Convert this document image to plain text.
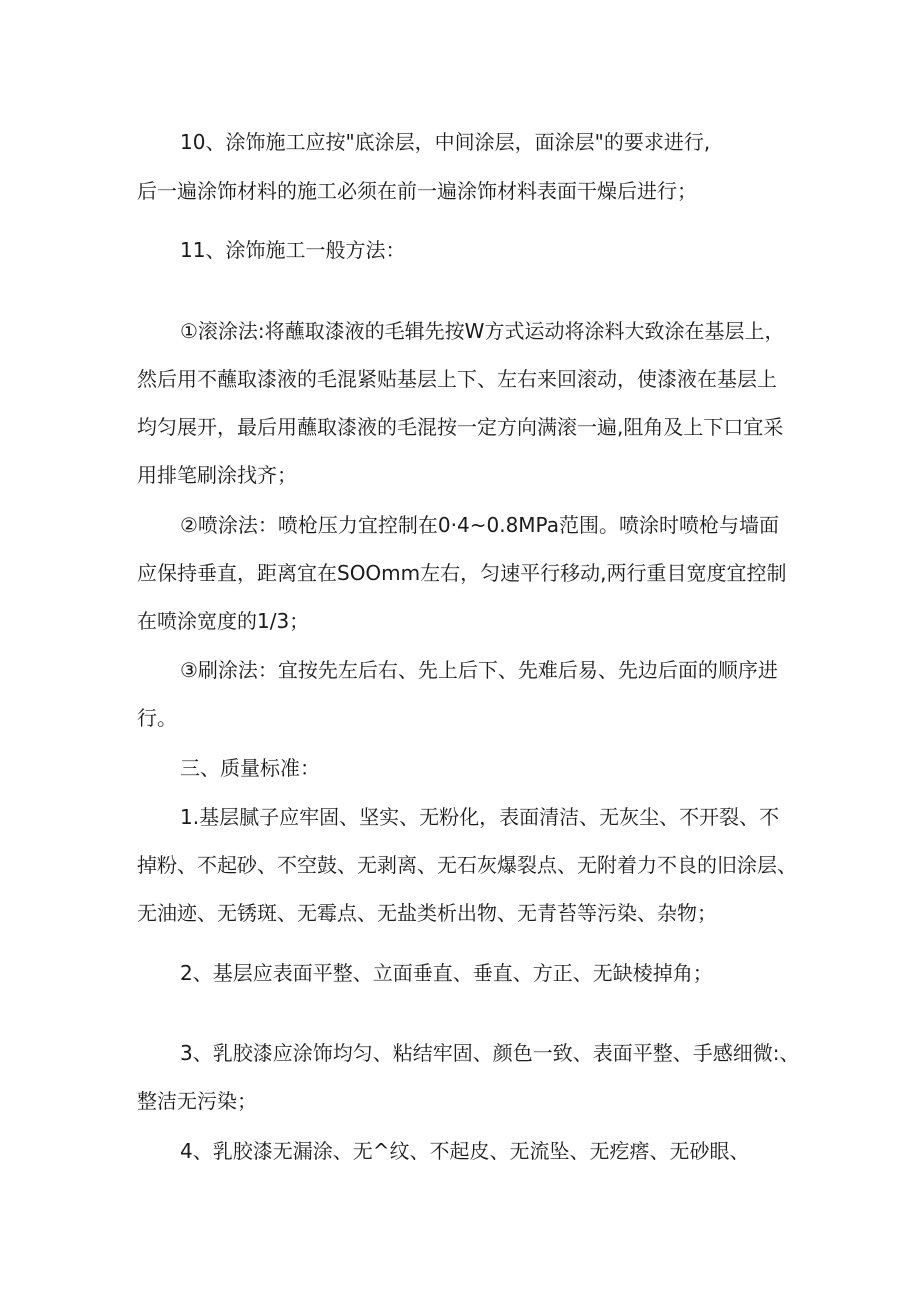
10、涂饰施工应按"底涂层，中间涂层，面涂层"的要求进行,

后一遍涂饰材料的施工必须在前一遍涂饰材料表面干燥后进行；

11、涂饰施工一般方法：

①滚涂法:将蘸取漆液的毛辑先按W方式运动将涂料大致涂在基层上，

然后用不蘸取漆液的毛混紧贴基层上下、左右来回滚动，使漆液在基层上

均匀展开，最后用蘸取漆液的毛混按一定方向满滚一遍,阻角及上下口宜采

用排笔刷涂找齐；

②喷涂法：喷枪压力宜控制在0·4~0.8MPa范围。喷涂时喷枪与墙面

应保持垂直，距离宜在SOOmm左右，匀速平行移动,两行重目宽度宜控制

在喷涂宽度的1/3；

③刷涂法：宜按先左后右、先上后下、先难后易、先边后面的顺序进

行。

三、质量标准：

1.基层腻子应牢固、坚实、无粉化，表面清洁、无灰尘、不开裂、不

掉粉、不起砂、不空鼓、无剥离、无石灰爆裂点、无附着力不良的旧涂层、

无油迹、无锈斑、无霉点、无盐类析出物、无青苔等污染、杂物；

2、基层应表面平整、立面垂直、垂直、方正、无缺棱掉角；

3、乳胶漆应涂饰均匀、粘结牢固、颜色一致、表面平整、手感细微:、

整洁无污染；

4、乳胶漆无漏涂、无^纹、不起皮、无流坠、无疙瘩、无砂眼、
